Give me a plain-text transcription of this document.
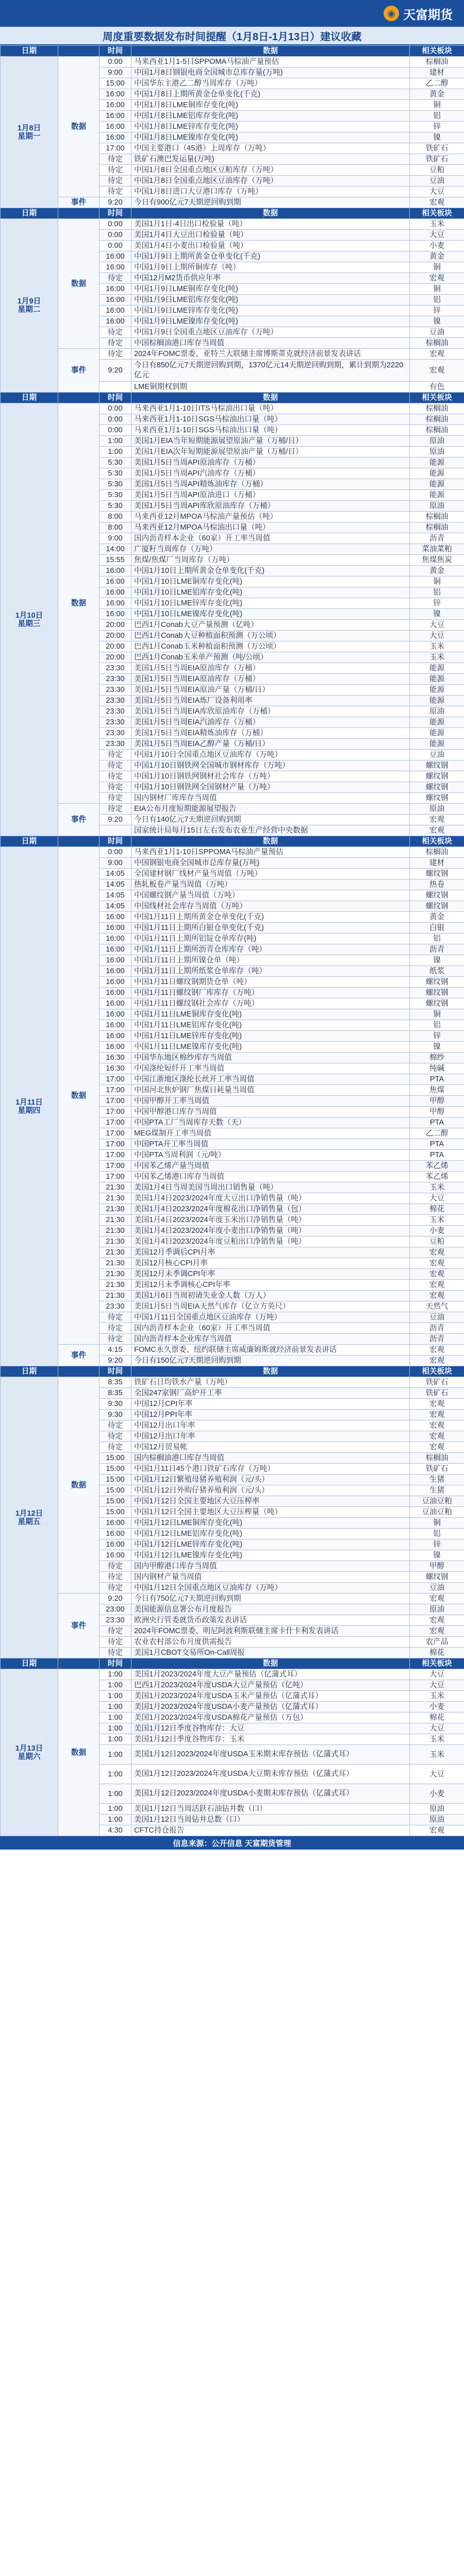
◉ 天富期货
周度重要数据发布时间提醒（1月8日-1月13日）建议收藏
日期		时间	数据	相关板块
1月8日
星期一	数据	0:00	马来西亚1月1-5日SPPOMA马棕油产量预估	棕榈油
		9:00	中国1月8日钢银电商全国城市总库存量(万吨)	建材
		15:00	中国华东主港乙二醇当周库存（万吨）	乙二醇
		16:00	中国1月8日上期所黄金仓单变化(千克)	黄金
		16:00	中国1月8日LME铜库存变化(吨)	铜
		16:00	中国1月8日LME铝库存变化(吨)	铝
		16:00	中国1月8日LME锌库存变化(吨)	锌
		16:00	中国1月8日LME镍库存变化(吨)	镍
		17:00	中国主要港口（45港）上周库存（万吨）	铁矿石
		待定	铁矿石澳巴发运量(万吨)	铁矿石
		待定	中国1月8日全国重点地区豆粕库存（万吨）	豆粕
		待定	中国1月8日全国重点地区豆油库存（万吨）	豆油
		待定	中国1月8日进口大豆港口库存（万吨）	大豆
	事件	9:20	今日有900亿元7天期逆回购到期	宏观
日期		时间	数据	相关板块
1月9日
星期二	数据	0:00	美国1月1日-4日出口检验量（吨）	玉米
		0:00	美国1月4日大豆出口检验量（吨）	大豆
		0:00	美国1月4日小麦出口检验量（吨）	小麦
		16:00	中国1月9日上期所黄金仓单变化(千克)	黄金
		16:00	中国1月9日上期所铜库存（吨）	铜
		待定	中国12月M2货币供应年率	宏观
		16:00	中国1月9日LME铜库存变化(吨)	铜
		16:00	中国1月9日LME铝库存变化(吨)	铝
		16:00	中国1月9日LME锌库存变化(吨)	锌
		16:00	中国1月9日LME镍库存变化(吨)	镍
		待定	中国1月9日全国重点地区豆油库存（万吨）	豆油
		待定	中国棕榈油港口库存当周值	棕榈油
	事件	待定	2024年FOMC票委、亚特兰大联储主席博斯蒂克就经济前景发表讲话	宏观
		9:20	今日有850亿元7天期逆回购到期，1370亿元14天期逆回购到期，累计到期为2220亿元	宏观
			LME铜期权到期	有色
日期		时间	数据	相关板块
1月10日
星期三	数据	0:00	马来西亚1月1-10日ITS马棕油出口量（吨）	棕榈油
		0:00	马来西亚1月1-10日SGS马棕油出口量（吨）	棕榈油
		0:00	马来西亚1月1-10日SGS马棕油出口量（吨）	棕榈油
		1:00	美国1月EIA当年短期能源展望原油产量（万桶/日）	原油
		1:00	美国1月EIA次年短期能源展望原油产量（万桶/日）	原油
		5:30	美国1月5日当周API原油库存（万桶）	能源
		5:30	美国1月5日当周API汽油库存（万桶）	能源
		5:30	美国1月5日当周API精炼油库存（万桶）	能源
		5:30	美国1月5日当周API原油进口（万桶）	能源
		5:30	美国1月5日当周API库欣原油库存（万桶）	原油
		8:00	马来西亚12月MPOA马棕油产量预估（吨）	棕榈油
		8:00	马来西亚12月MPOA马棕油出口量（吨）	棕榈油
		9:00	国内沥青样本企业（60家）开工率当周值	沥青
		14:00	广厦籽当周库存（万吨）	菜油菜粕
		15:55	焦煤/焦煤厂当周库存（万吨）	焦煤焦炭
		16:00	中国1月10日上期所黄金仓单变化(千克)	黄金
		16:00	中国1月10日LME铜库存变化(吨)	铜
		16:00	中国1月10日LME铝库存变化(吨)	铝
		16:00	中国1月10日LME锌库存变化(吨)	锌
		16:00	中国1月10日LME镍库存变化(吨)	镍
		20:00	巴西1月Conab大豆产量预测（亿吨）	大豆
		20:00	巴西1月Conab大豆种植面积预测（万公顷）	大豆
		20:00	巴西1月Conab玉米种植面积预测（万公顷）	玉米
		20:00	巴西1月Conab玉米单产预测（吨/公顷）	玉米
		23:30	美国1月5日当周EIA原油库存（万桶）	能源
		23:30	美国1月5日当周EIA原油库存（万桶）	能源
		23:30	美国1月5日当周EIA原油产量（万桶/日）	能源
		23:30	美国1月5日当周EIA炼厂设备利用率	能源
		23:30	美国1月5日当周EIA库欣原油库存（万桶）	原油
		23:30	美国1月5日当周EIA汽油库存（万桶）	能源
		23:30	美国1月5日当周EIA精炼油库存（万桶）	能源
		23:30	美国1月5日当周EIA乙醇产量（万桶/日）	能源
		待定	中国1月10日全国重点地区豆油库存（万吨）	豆油
		待定	中国1月10日钢铁网全国城市钢材库存（万吨）	螺纹钢
		待定	中国1月10日钢铁网钢材社会库存（万吨）	螺纹钢
		待定	中国1月10日钢铁网全国钢材产量（万吨）	螺纹钢
		待定	国内钢材厂库库存当周值	螺纹钢
	事件	待定	EIA公布月度短期能源展望报告	原油
		9:20	今日有140亿元7天期逆回购到期	宏观
			国家统计局每月15日左右发布农业生产经营中央数据	宏观
日期		时间	数据	相关板块
1月11日
星期四	数据	0:00	马来西亚1月1-10日SPPOMA马棕油产量预估	棕榈油
		9:00	中国钢银电商全国城市总库存量(万吨)	建材
		14:05	全国建材钢厂线材产量当周值（万吨）	螺纹钢
		14:05	热轧板卷产量当周值（万吨）	热卷
		14:05	中国螺纹钢产量当周值（万吨）	螺纹钢
		14:05	中国线材社会库存当周值（万吨）	螺纹钢
		16:00	中国1月11日上期所黄金仓单变化(千克)	黄金
		16:00	中国1月11日上期所白银仓单变化(千克)	白银
		16:00	中国1月11日上期所铝锭仓单库存(吨)	铝
		16:00	中国1月11日上期所沥青仓库库存（吨）	沥青
		16:00	中国1月11日上期所镍仓单（吨）	镍
		16:00	中国1月11日上期所纸浆仓单库存（吨）	纸浆
		16:00	中国1月11日螺纹钢期货仓单（吨）	螺纹钢
		16:00	中国1月11日螺纹钢厂库库存（万吨）	螺纹钢
		16:00	中国1月11日螺纹钢社会库存（万吨）	螺纹钢
		16:00	中国1月11日LME铜库存变化(吨)	铜
		16:00	中国1月11日LME铝库存变化(吨)	铝
		16:00	中国1月11日LME锌库存变化(吨)	锌
		16:00	中国1月11日LME镍库存变化(吨)	镍
		16:30	中国华东地区棉纱库存当周值	棉纱
		16:30	中国涤纶短纤开工率当周值	纯碱
		17:00	中国江浙地区涤纶长丝开工率当周值	PTA
		17:00	中国河北焦炉钢厂焦煤日耗量当周值	焦煤
		17:00	中国甲醇开工率当周值	甲醇
		17:00	中国甲醇港口库存当周值	甲醇
		17:00	中国PTA工厂当周库存天数（天）	PTA
		17:00	MEG煤制开工率当周值	乙二醇
		17:00	中国PTA开工率当周值	PTA
		17:00	中国PTA当周利润（元/吨）	PTA
		17:00	中国苯乙烯产量当周值	苯乙烯
		17:00	中国苯乙烯港口库存当周值	苯乙烯
		21:30	美国1月4日当周美国当周出口销售量（吨）	玉米
		21:30	美国1月4日2023/2024年度大豆出口净销售量（吨）	大豆
		21:30	美国1月4日2023/2024年度棉花出口净销售量（包）	棉花
		21:30	美国1月4日2023/2024年度玉米出口净销售量（吨）	玉米
		21:30	美国1月4日2023/2024年度小麦出口净销售量（吨）	小麦
		21:30	美国1月4日2023/2024年度豆粕出口净销售量（吨）	豆粕
		21:30	美国12月季调后CPI月率	宏观
		21:30	美国12月核心CPI月率	宏观
		21:30	美国12月未季调CPI年率	宏观
		21:30	美国12月未季调核心CPI年率	宏观
		21:30	美国1月6日当周初请失业金人数（万人）	宏观
		23:30	美国1月5日当周EIA天然气库存（亿立方英尺）	天然气
		待定	中国1月11日全国重点地区豆油库存（万吨）	豆油
		待定	国内沥青样本企业（60家）开工率当周值	沥青
		待定	国内沥青样本企业库存当周值	沥青
	事件	4:15	FOMC永久票委、纽约联储主席威廉姆斯就经济前景发表讲话	宏观
		9:20	今日有150亿元7天期逆回购到期	宏观
日期		时间	数据	相关板块
1月12日
星期五	数据	8:35	铁矿石日均铁水产量（万吨）	铁矿石
		8:35	全国247家钢厂高炉开工率	铁矿石
		9:30	中国12月CPI年率	宏观
		9:30	中国12月PPI年率	宏观
		待定	中国12月出口年率	宏观
		待定	中国12月出口年率	宏观
		待定	中国12月贸易帐	宏观
		15:00	国内棕榈油港口库存当周值	棕榈油
		15:00	中国1月11日45个港口铁矿石库存（万吨）	铁矿石
		15:00	中国1月12日繁殖母猪养殖利润（元/头）	生猪
		15:00	中国1月12日外购仔猪养殖利润（元/头）	生猪
		15:00	中国1月12日全国主要地区大豆压榨率	豆油豆粕
		15:00	中国1月12日全国主要地区大豆压榨量（吨）	豆油豆粕
		16:00	中国1月12日LME铜库存变化(吨)	铜
		16:00	中国1月12日LME铝库存变化(吨)	铝
		16:00	中国1月12日LME锌库存变化(吨)	锌
		16:00	中国1月12日LME镍库存变化(吨)	镍
		待定	国内甲醇港口库存当周值	甲醇
		待定	国内钢材产量当周值	螺纹钢
		待定	中国1月12日全国重点地区豆油库存（万吨）	豆油
	事件	9:20	今日有750亿元7天期逆回购到期	宏观
		23:00	美国能源信息署公布月度报告	原油
		23:30	欧洲央行管委就货币政策发表讲话	宏观
		待定	2024年FOMC票委、明尼阿波利斯联储主席卡什卡利发表讲话	宏观
		待定	农业农村部公布月度供需报告	农产品
		待定	美国1月CBOT交易所On-Call周报	棉花
日期		时间	数据	相关板块
1月13日
星期六	数据	1:00	美国1月2023/2024年度大豆产量预估（亿蒲式耳）	大豆
		1:00	巴西1月2023/2024年度USDA大豆产量预估（亿吨）	大豆
		1:00	美国1月2023/2024年度USDA玉米产量预估（亿蒲式耳）	玉米
		1:00	美国1月2023/2024年度USDA小麦产量预估（亿蒲式耳）	小麦
		1:00	美国1月2023/2024年度USDA棉花产量预估（万包）	棉花
		1:00	美国1月12日季度谷物库存：大豆	大豆
		1:00	美国1月12日季度谷物库存：玉米	玉米
		1:00	美国1月12日2023/2024年度USDA玉米期末库存预估（亿蒲式耳）	玉米
		1:00	美国1月12日2023/2024年度USDA大豆期末库存预估（亿蒲式耳）	大豆
		1:00	美国1月12日2023/2024年度USDA小麦期末库存预估（亿蒲式耳）	小麦
		1:00	美国1月12日当周活跃石油钻井数（口）	原油
		1:00	美国1月12日当周钻井总数（口）	原油
		4:30	CFTC持仓报告	宏观
信息来源：公开信息 天富期货管理
